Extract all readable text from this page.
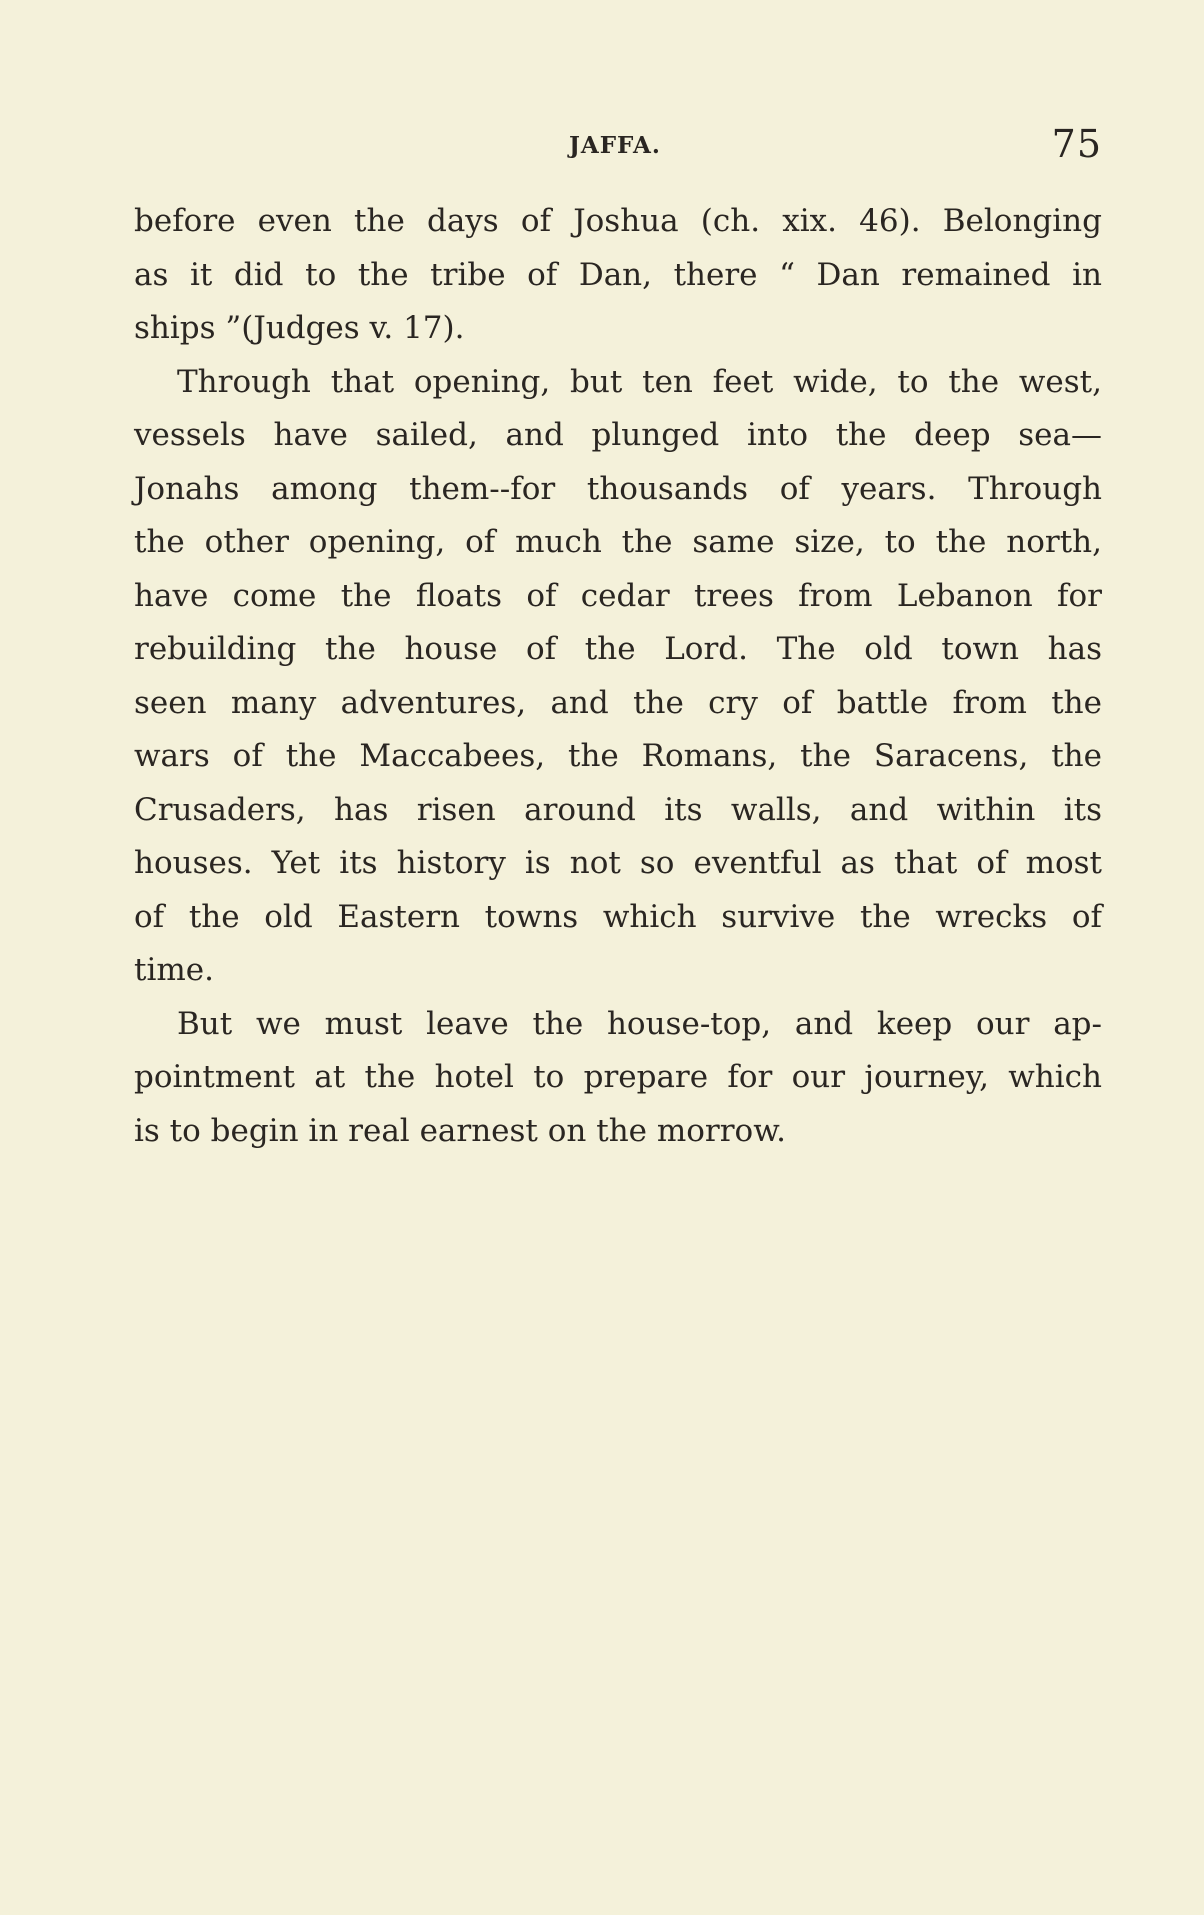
JAFFA.	75
before even the days of Joshua (ch. xix. 46). Belonging
as it did to the tribe of Dan, there “ Dan remained in
ships ”(Judges v. 17).
Through that opening, but ten feet wide, to the west,
vessels have sailed, and plunged into the deep sea—
Jonahs among them--for thousands of years. Through
the other opening, of much the same size, to the north,
have come the floats of cedar trees from Lebanon for
rebuilding the house of the Lord. The old town has
seen many adventures, and the cry of battle from the
wars of the Maccabees, the Romans, the Saracens, the
Crusaders, has risen around its walls, and within its
houses. Yet its history is not so eventful as that of most
of the old Eastern towns which survive the wrecks of
time.
But we must leave the house-top, and keep our ap-
pointment at the hotel to prepare for our journey, which
is to begin in real earnest on the morrow.
